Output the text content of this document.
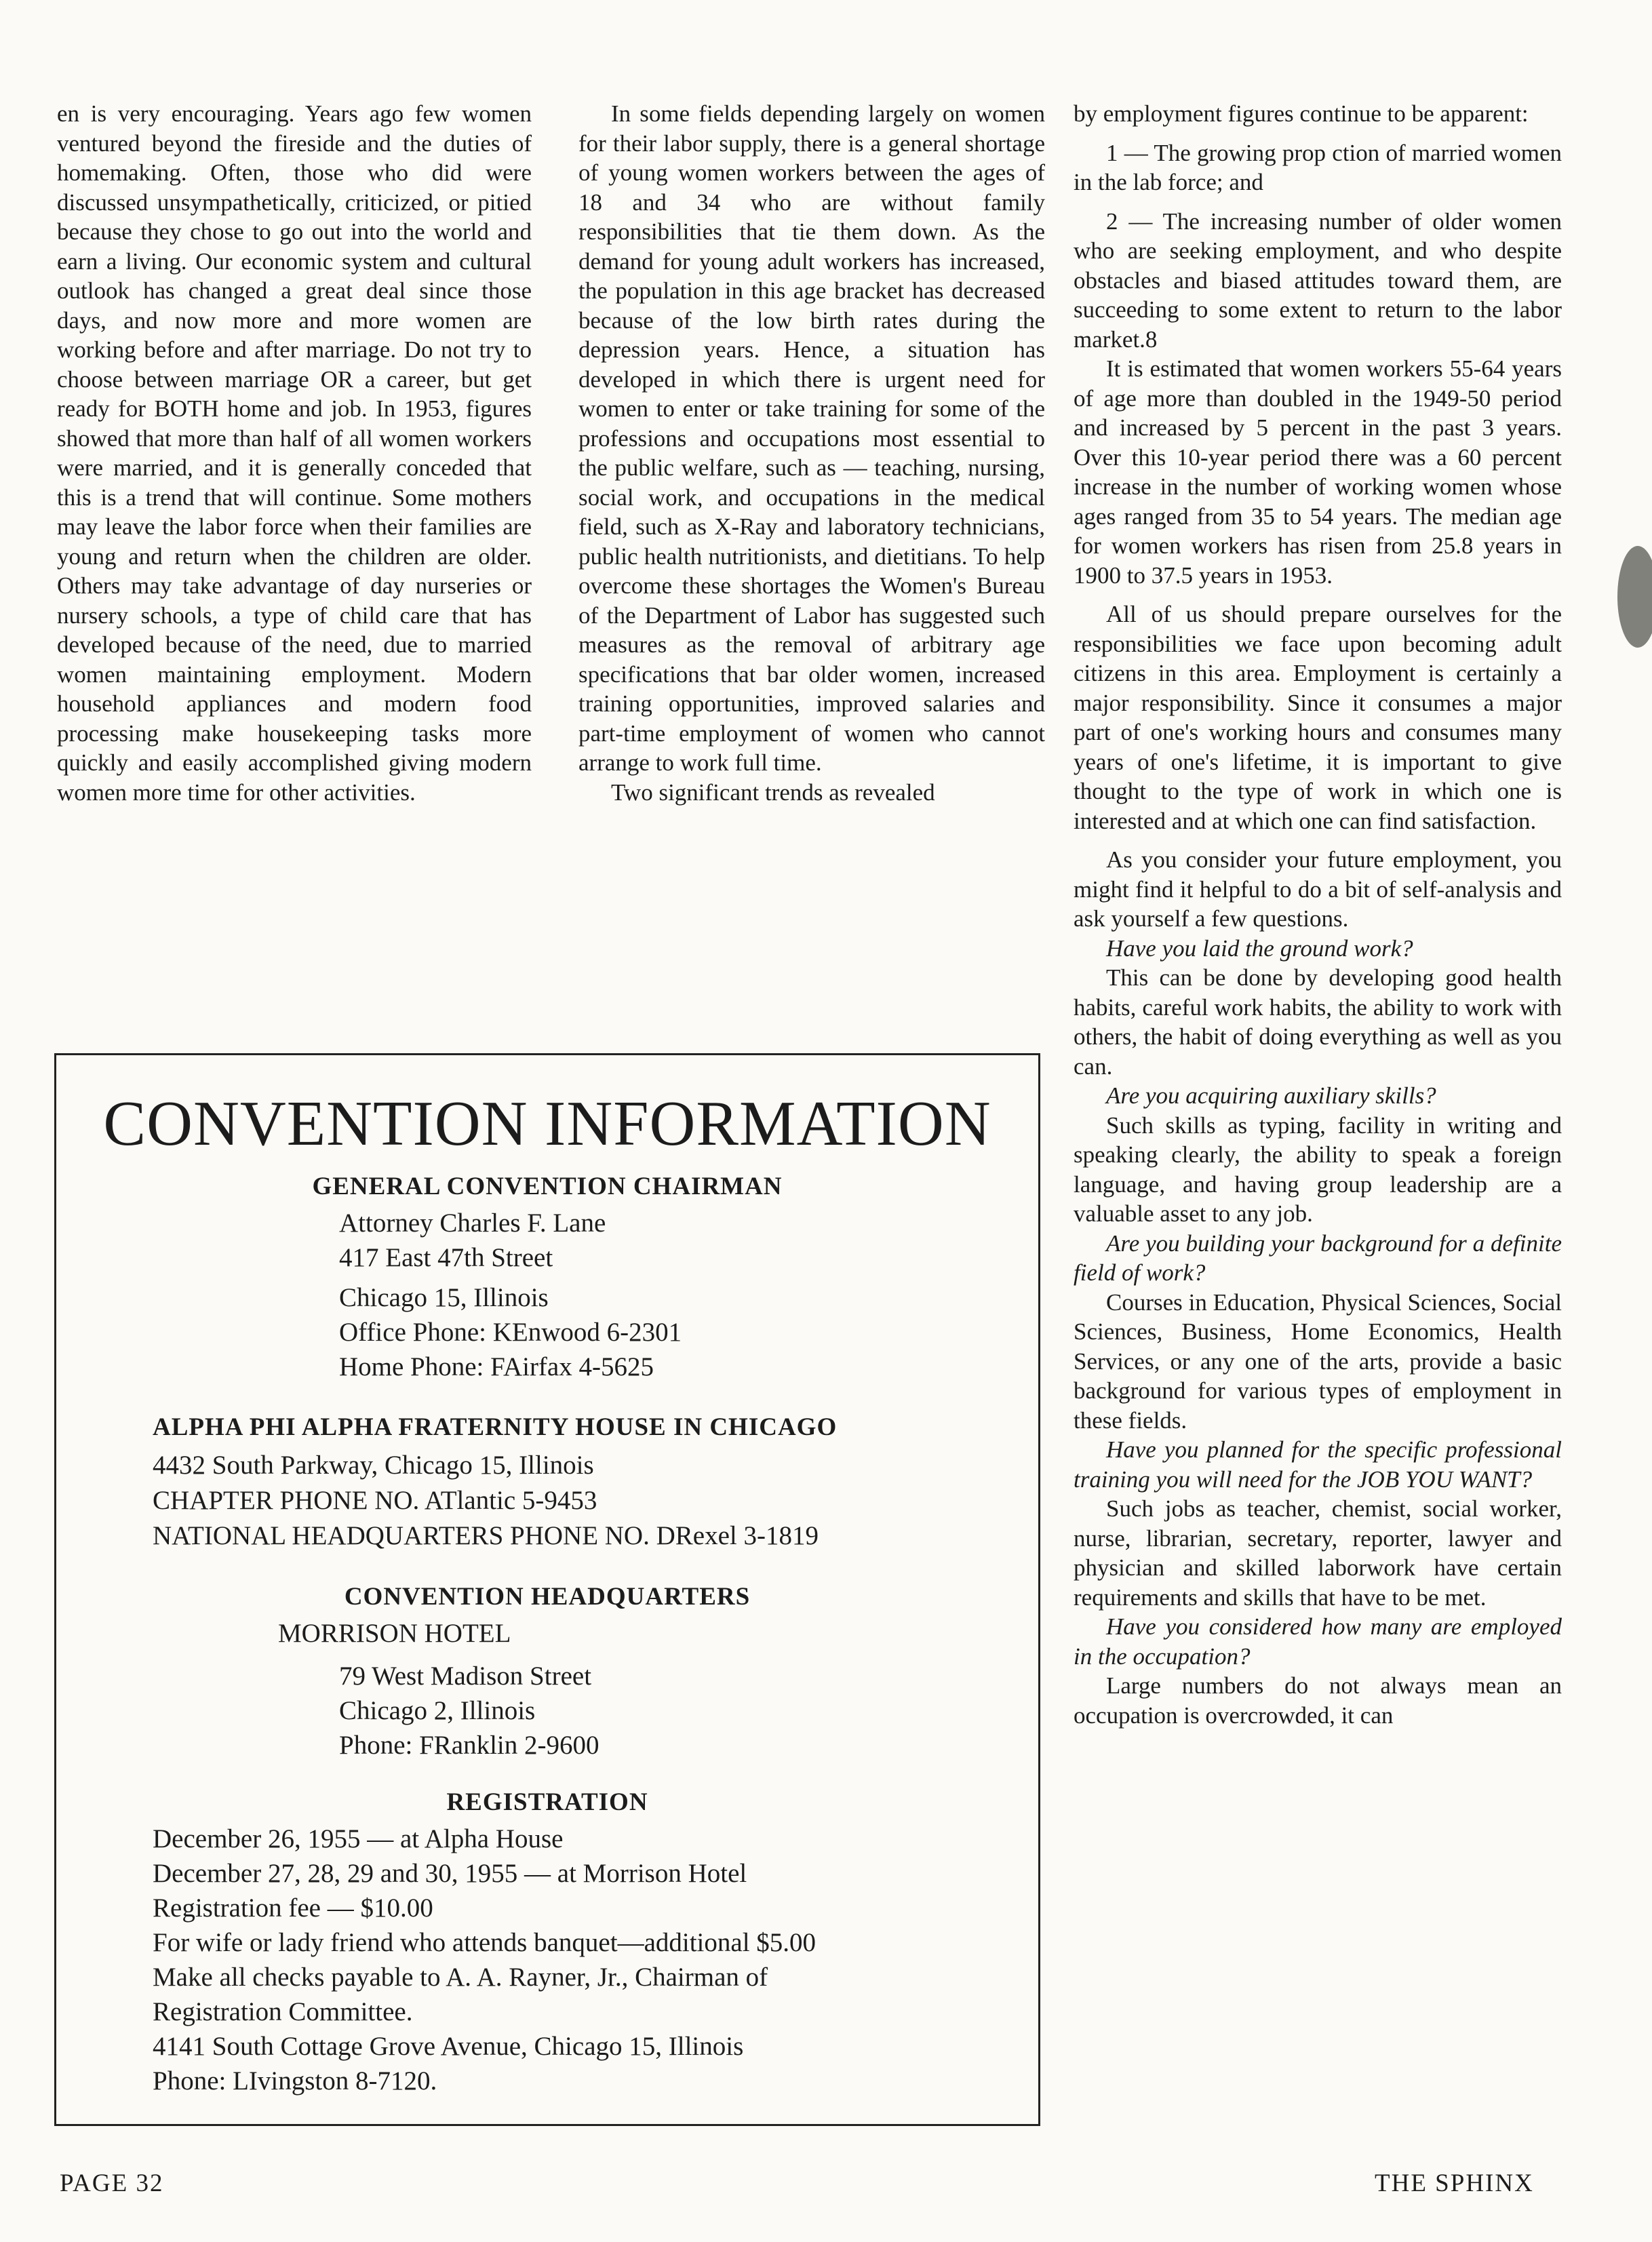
en is very encouraging. Years ago few women ventured beyond the fireside and the duties of homemaking. Often, those who did were discussed unsympathetically, criticized, or pitied because they chose to go out into the world and earn a living. Our economic system and cultural outlook has changed a great deal since those days, and now more and more women are working before and after marriage. Do not try to choose between marriage OR a career, but get ready for BOTH home and job. In 1953, figures showed that more than half of all women workers were married, and it is generally conceded that this is a trend that will continue. Some mothers may leave the labor force when their families are young and return when the children are older. Others may take advantage of day nurseries or nursery schools, a type of child care that has developed because of the need, due to married women maintaining employment. Modern household appliances and modern food processing make housekeeping tasks more quickly and easily accomplished giving modern women more time for other activities.

In some fields depending largely on women for their labor supply, there is a general shortage of young women workers between the ages of 18 and 34 who are without family responsibilities that tie them down. As the demand for young adult workers has increased, the population in this age bracket has decreased because of the low birth rates during the depression years. Hence, a situation has developed in which there is urgent need for women to enter or take training for some of the professions and occupations most essential to the public welfare, such as — teaching, nursing, social work, and occupations in the medical field, such as X-Ray and laboratory technicians, public health nutritionists, and dietitians. To help overcome these shortages the Women's Bureau of the Department of Labor has suggested such measures as the removal of arbitrary age specifications that bar older women, increased training opportunities, improved salaries and part-time employment of women who cannot arrange to work full time.

Two significant trends as revealed

by employment figures continue to be apparent:

1 — The growing prop ction of married women in the lab force; and

2 — The increasing number of older women who are seeking employment, and who despite obstacles and biased attitudes toward them, are succeeding to some extent to return to the labor market.8

It is estimated that women workers 55-64 years of age more than doubled in the 1949-50 period and increased by 5 percent in the past 3 years. Over this 10-year period there was a 60 percent increase in the number of working women whose ages ranged from 35 to 54 years. The median age for women workers has risen from 25.8 years in 1900 to 37.5 years in 1953.

All of us should prepare ourselves for the responsibilities we face upon becoming adult citizens in this area. Employment is certainly a major responsibility. Since it consumes a major part of one's working hours and consumes many years of one's lifetime, it is important to give thought to the type of work in which one is interested and at which one can find satisfaction.

As you consider your future employment, you might find it helpful to do a bit of self-analysis and ask yourself a few questions.

Have you laid the ground work?

This can be done by developing good health habits, careful work habits, the ability to work with others, the habit of doing everything as well as you can.

Are you acquiring auxiliary skills?

Such skills as typing, facility in writing and speaking clearly, the ability to speak a foreign language, and having group leadership are a valuable asset to any job.

Are you building your background for a definite field of work?

Courses in Education, Physical Sciences, Social Sciences, Business, Home Economics, Health Services, or any one of the arts, provide a basic background for various types of employment in these fields.

Have you planned for the specific professional training you will need for the JOB YOU WANT?

Such jobs as teacher, chemist, social worker, nurse, librarian, secretary, reporter, lawyer and physician and skilled laborwork have certain requirements and skills that have to be met.

Have you considered how many are employed in the occupation?

Large numbers do not always mean an occupation is overcrowded, it can

CONVENTION INFORMATION
GENERAL CONVENTION CHAIRMAN
Attorney Charles F. Lane
417 East 47th Street
Chicago 15, Illinois
Office Phone: KEnwood 6-2301
Home Phone: FAirfax 4-5625
ALPHA PHI ALPHA FRATERNITY HOUSE IN CHICAGO
4432 South Parkway, Chicago 15, Illinois
CHAPTER PHONE NO. ATlantic 5-9453
NATIONAL HEADQUARTERS PHONE NO. DRexel 3-1819
CONVENTION HEADQUARTERS
MORRISON HOTEL
79 West Madison Street
Chicago 2, Illinois
Phone: FRanklin 2-9600
REGISTRATION
December 26, 1955 — at Alpha House
December 27, 28, 29 and 30, 1955 — at Morrison Hotel
Registration fee — $10.00
For wife or lady friend who attends banquet—additional $5.00
Make all checks payable to A. A. Rayner, Jr., Chairman of
Registration Committee.
4141 South Cottage Grove Avenue, Chicago 15, Illinois
Phone: LIvingston 8-7120.
PAGE 32	THE SPHINX
